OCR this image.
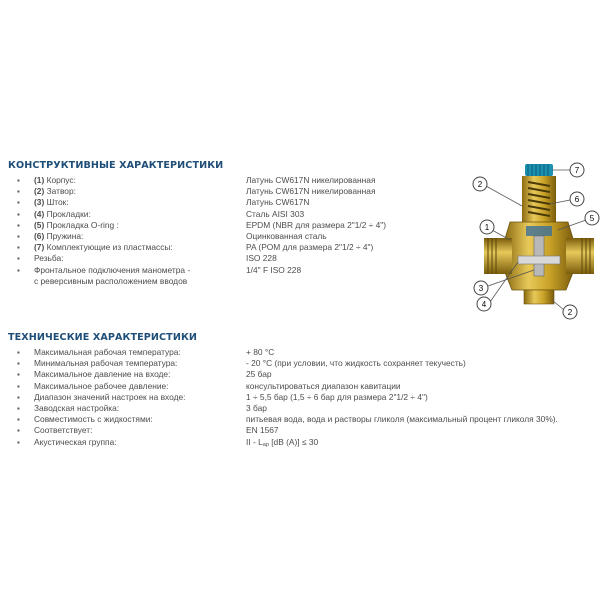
КОНСТРУКТИВНЫЕ ХАРАКТЕРИСТИКИ
▪ (1) Корпус:	Латунь CW617N никелированная
▪ (2) Затвор:	Латунь CW617N никелированная
▪ (3) Шток:	Латунь CW617N
▪ (4) Прокладки:	Сталь AISI 303
▪ (5) Прокладка O-ring :	EPDM (NBR для размера 2"1/2 ÷ 4")
▪ (6) Пружина:	Оцинкованная сталь
▪ (7) Комплектующие из пластмассы:	PA (POM для размера 2"1/2 ÷ 4")
▪ Резьба:	ISO 228
▪ Фронтальное подключения манометра -	1/4" F ISO 228
с реверсивным расположением вводов
7
2
6
1
5
3
4
2
ТЕХНИЧЕСКИЕ ХАРАКТЕРИСТИКИ
▪ Максимальная рабочая температура:	+ 80 °C
▪ Минимальная рабочая температура:	- 20 °C (при условии, что жидкость сохраняет текучесть)
▪ Максимальное давление на входе:	25 бар
▪ Максимальное рабочее давление:	консультироваться диапазон кавитации
▪ Диапазон значений настроек на входе:	1 ÷ 5,5 бар (1,5 ÷ 6 бар для размера 2"1/2 ÷ 4")
▪ Заводская настройка:	3 бар
▪ Совместимость с жидкостями:	питьевая вода, вода и растворы гликоля (максимальный процент гликоля 30%).
▪ Соответствует:	EN 1567
▪ Акустическая группа:	II - Lap [dB (A)] ≤ 30
